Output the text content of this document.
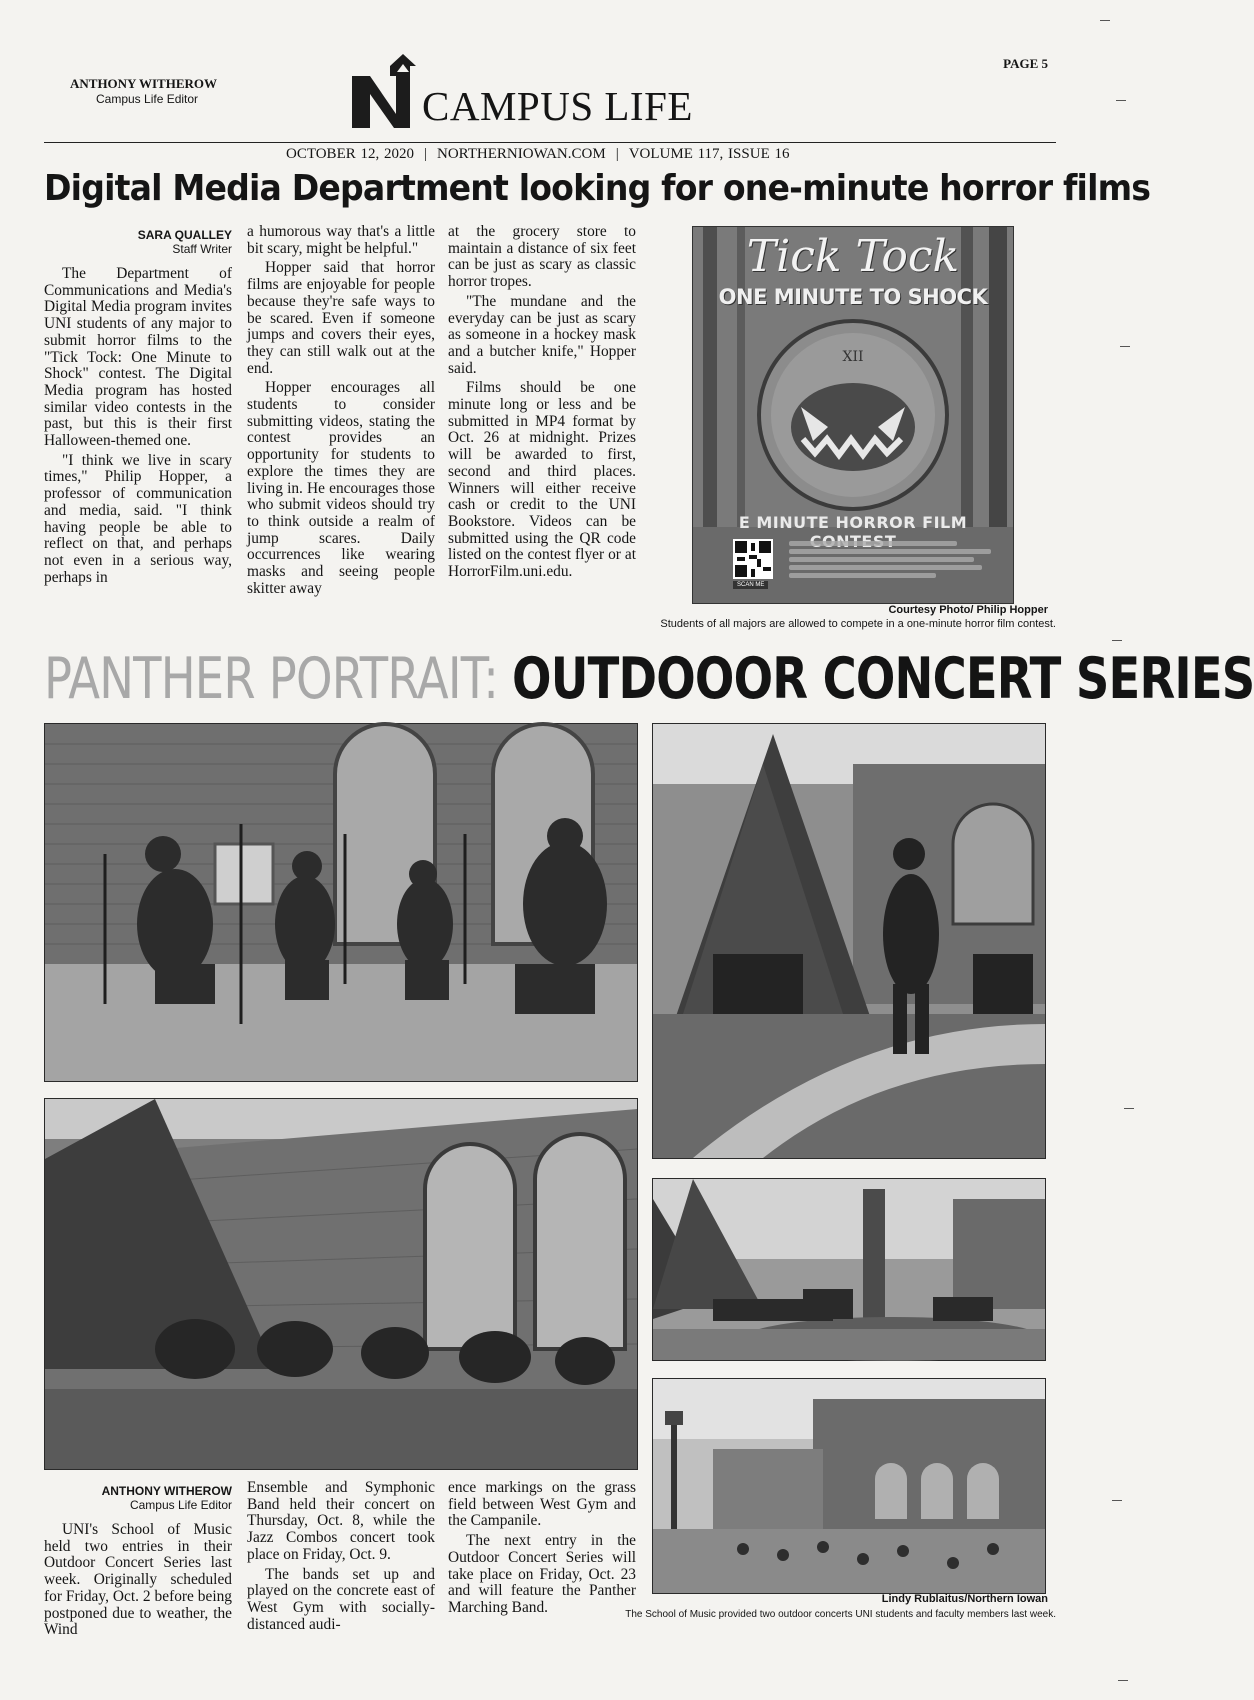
PAGE 5
ANTHONY WITHEROW
Campus Life Editor	CAMPUS LIFE
OCTOBER 12, 2020 | NORTHERNIOWAN.COM | VOLUME 117, ISSUE 16
Digital Media Department looking for one-minute horror films
SARA QUALLEY
Staff Writer

The Department of Communications and Media's Digital Media program invites UNI students of any major to submit horror films to the "Tick Tock: One Minute to Shock" contest. The Digital Media program has hosted similar video contests in the past, but this is their first Halloween-themed one.

"I think we live in scary times," Philip Hopper, a professor of communication and media, said. "I think having people be able to reflect on that, and perhaps not even in a serious way, perhaps in

a humorous way that's a little bit scary, might be helpful."

Hopper said that horror films are enjoyable for people because they're safe ways to be scared. Even if someone jumps and covers their eyes, they can still walk out at the end.

Hopper encourages all students to consider submitting videos, stating the contest provides an opportunity for students to explore the times they are living in. He encourages those who submit videos should try to think outside a realm of jump scares. Daily occurrences like wearing masks and seeing people skitter away

at the grocery store to maintain a distance of six feet can be just as scary as classic horror tropes.

"The mundane and the everyday can be just as scary as someone in a hockey mask and a butcher knife," Hopper said.

Films should be one minute long or less and be submitted in MP4 format by Oct. 26 at midnight. Prizes will be awarded to first, second and third places. Winners will either receive cash or credit to the UNI Bookstore. Videos can be submitted using the QR code listed on the contest flyer or at HorrorFilm.uni.edu.

XII
Tick Tock
ONE MINUTE TO SHOCK
E MINUTE HORROR FILM
SCAN ME
Courtesy Photo/ Philip Hopper
Students of all majors are allowed to compete in a one-minute horror film contest.
PANTHER PORTRAIT: OUTDOOOR CONCERT SERIES
Lindy Rublaitus/Northern Iowan
The School of Music provided two outdoor concerts UNI students and faculty members last week.
ANTHONY WITHEROW
Campus Life Editor

UNI's School of Music held two entries in their Outdoor Concert Series last week. Originally scheduled for Friday, Oct. 2 before being postponed due to weather, the Wind

Ensemble and Symphonic Band held their concert on Thursday, Oct. 8, while the Jazz Combos concert took place on Friday, Oct. 9.

The bands set up and played on the concrete east of West Gym with socially-distanced audi-

ence markings on the grass field between West Gym and the Campanile.

The next entry in the Outdoor Concert Series will take place on Friday, Oct. 23 and will feature the Panther Marching Band.
